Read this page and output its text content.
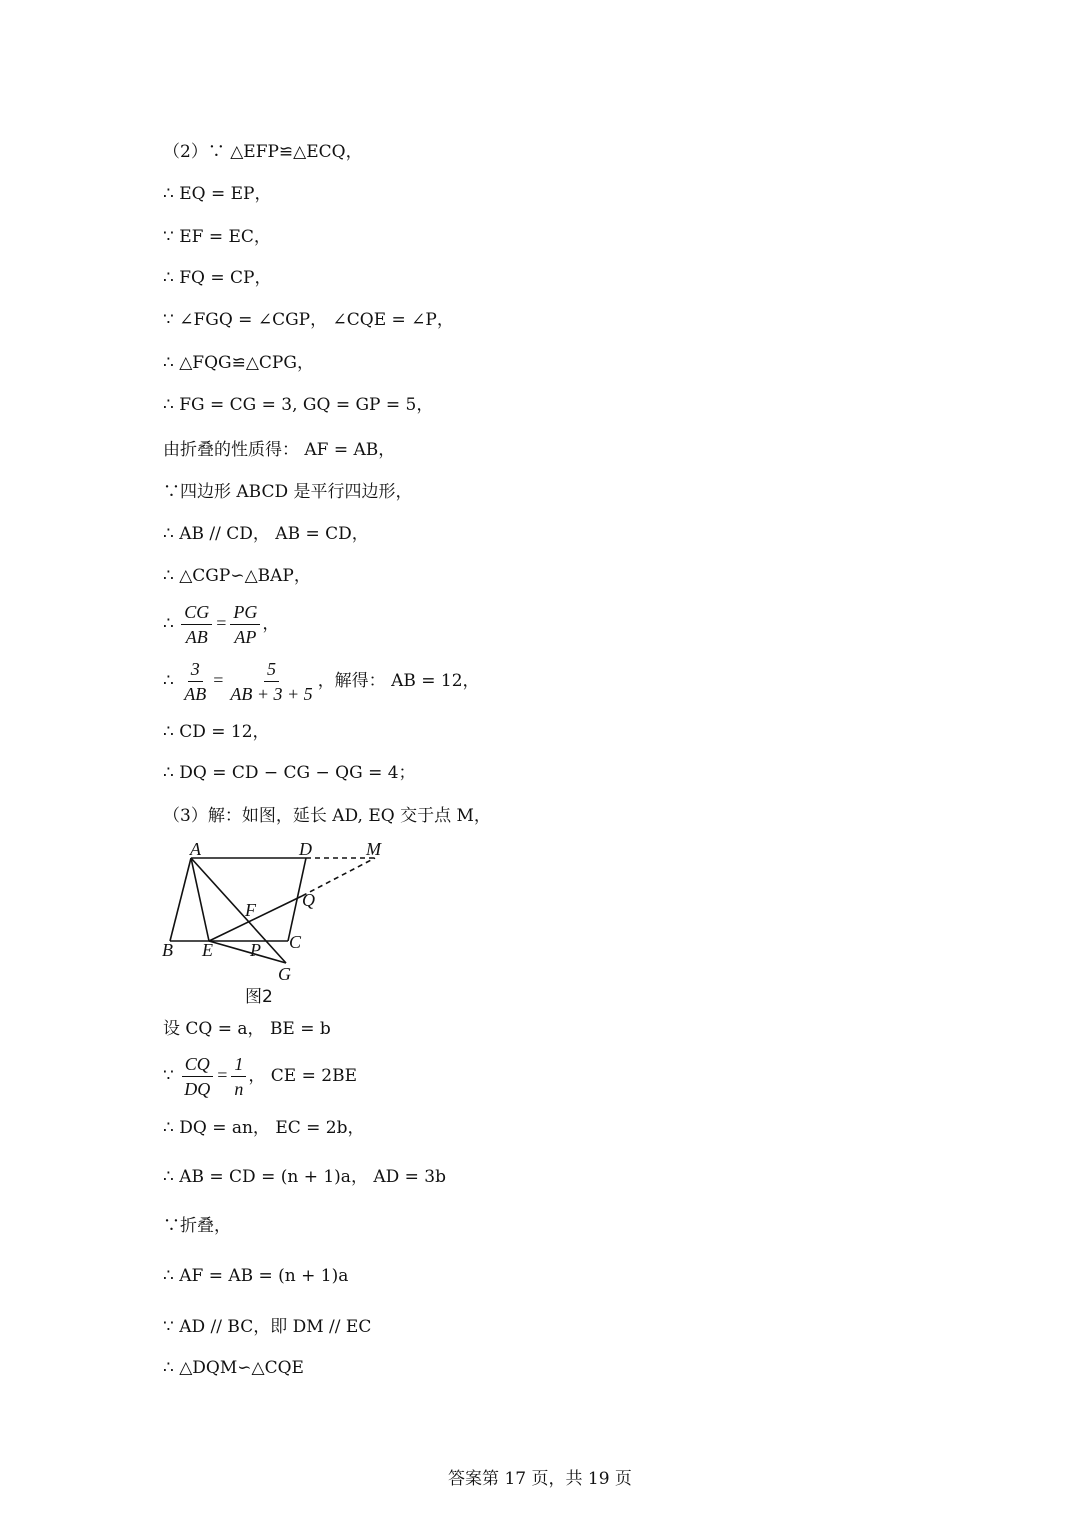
（2）∵ △EFP≌△ECQ，
∴ EQ = EP，
∵ EF = EC，
∴ FQ = CP，
∵ ∠FGQ = ∠CGP， ∠CQE = ∠P，
∴ △FQG≌△CPG，
∴ FG = CG = 3, GQ = GP = 5，
由折叠的性质得： AF = AB，
∵四边形 ABCD 是平行四边形，
∴ AB // CD， AB = CD，
∴ △CGP∽△BAP，
∴ CD = 12，
∴ DQ = CD − CG − QG = 4；
（3）解：如图，延长 AD, EQ 交于点 M，
设 CQ = a， BE = b
∴ DQ = an， EC = 2b，
∴ AB = CD = (n + 1)a， AD = 3b
∵折叠，
∴ AF = AB = (n + 1)a
∵ AD // BC，即 DM // EC
∴ △DQM∽△CQE
∴ $\frac{CG}{AB} = \frac{PG}{AP}$ ，
∴ $\frac{3}{AB} = \frac{5}{AB + 3 + 5}$ ，解得： AB = 12，
∵ $\frac{CQ}{DQ} = \frac{1}{n}$ ， CE = 2BE
A	D	M
Q
F
B E P C
G
图2
答案第 17 页，共 19 页
